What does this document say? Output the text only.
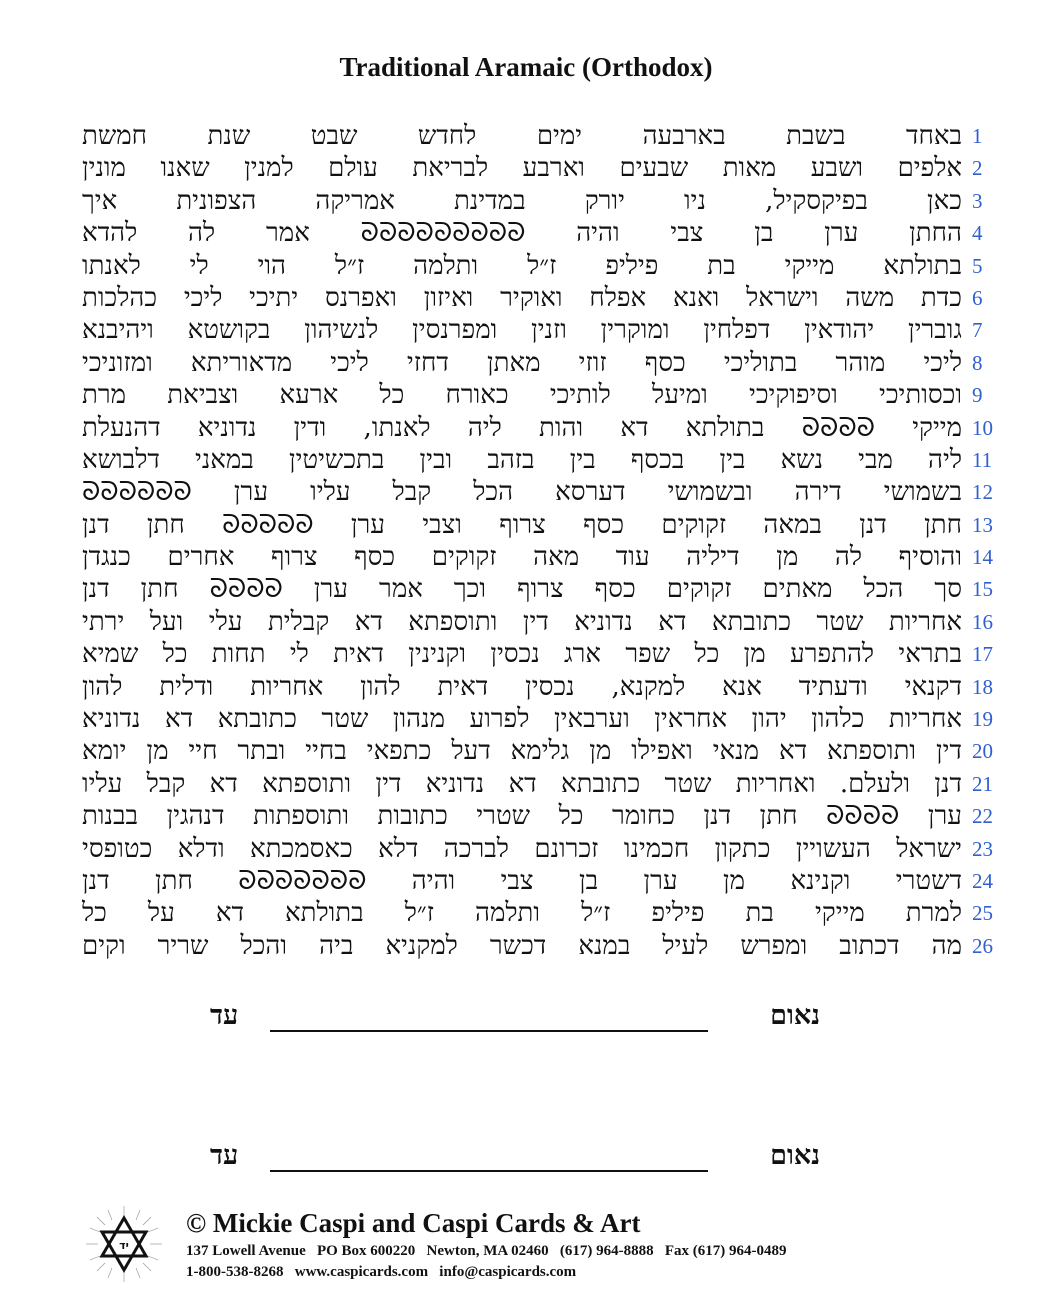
Traditional Aramaic (Orthodox)
באחד בשבת בארבעה ימים לחדש שבט שנת חמשת 1
אלפים ושבע מאות שבעים וארבע לבריאת עולם למנין שאנו מונין 2
כאן בפיקסקיל, ניו יורק במדינת אמריקה הצפונית איך 3
החתן ערן בן צבי והיה ᘐᘐᘐᘐᘐᘐᘐᘐᘐ אמר לה להדא 4
בתולתא מייקי בת פיליפ ז״ל ותלמה ז״ל הוי לי לאנתו 5
כדת משה וישראל ואנא אפלח ואוקיר ואיזון ואפרנס יתיכי ליכי כהלכות 6
גוברין יהודאין דפלחין ומוקרין וזנין ומפרנסין לנשיהון בקושטא ויהיבנא 7
ליכי מוהר בתוליכי כסף זוזי מאתן דחזי ליכי מדאוריתא ומזוניכי 8
וכסותיכי וסיפוקיכי ומיעל לותיכי כאורח כל ארעא וצביאת מרת 9
מייקי ᘐᘐᘐᘐ בתולתא דא והות ליה לאנתו, ודין נדוניא דהנעלת 10
ליה מבי נשא בין בכסף בין בזהב ובין בתכשיטין במאני דלבושא 11
בשמושי דירה ובשמושי דערסא הכל קבל עליו ערן ᘐᘐᘐᘐᘐᘐ 12
חתן דנן במאה זקוקים כסף צרוף וצבי ערן ᘐᘐᘐᘐᘐ חתן דנן 13
והוסיף לה מן דיליה עוד מאה זקוקים כסף צרוף אחרים כנגדן 14
סך הכל מאתים זקוקים כסף צרוף וכך אמר ערן ᘐᘐᘐᘐ חתן דנן 15
אחריות שטר כתובתא דא נדוניא דין ותוספתא דא קבלית עלי ועל ירתי 16
בתראי להתפרע מן כל שפר ארג נכסין וקנינין דאית לי תחות כל שמיא 17
דקנאי ודעתיד אנא למקנא, נכסין דאית להון אחריות ודלית להון 18
אחריות כלהון יהון אחראין וערבאין לפרוע מנהון שטר כתובתא דא נדוניא 19
דין ותוספתא דא מנאי ואפילו מן גלימא דעל כתפאי בחיי ובתר חיי מן יומא 20
דנן ולעלם. ואחריות שטר כתובתא דא נדוניא דין ותוספתא דא קבל עליו 21
ערן ᘐᘐᘐᘐ חתן דנן כחומר כל שטרי כתובות ותוספתות דנהגין בבנות 22
ישראל העשויין כתקון חכמינו זכרונם לברכה דלא כאסמכתא ודלא כטופסי 23
דשטרי וקנינא מן ערן בן צבי והיה ᘐᘐᘐᘐᘐᘐᘐ חתן דנן 24
למרת מייקי בת פיליפ ז״ל ותלמה ז״ל בתולתא דא על כל 25
מה דכתוב ומפרש לעיל במנא דכשר למקניא ביה והכל שריר וקים 26
נאום
עד
נאום
עד
יד
© Mickie Caspi and Caspi Cards & Art
137 Lowell Avenue   PO Box 600220   Newton, MA 02460   (617) 964-8888   Fax (617) 964-0489
1-800-538-8268   www.caspicards.com   info@caspicards.com
